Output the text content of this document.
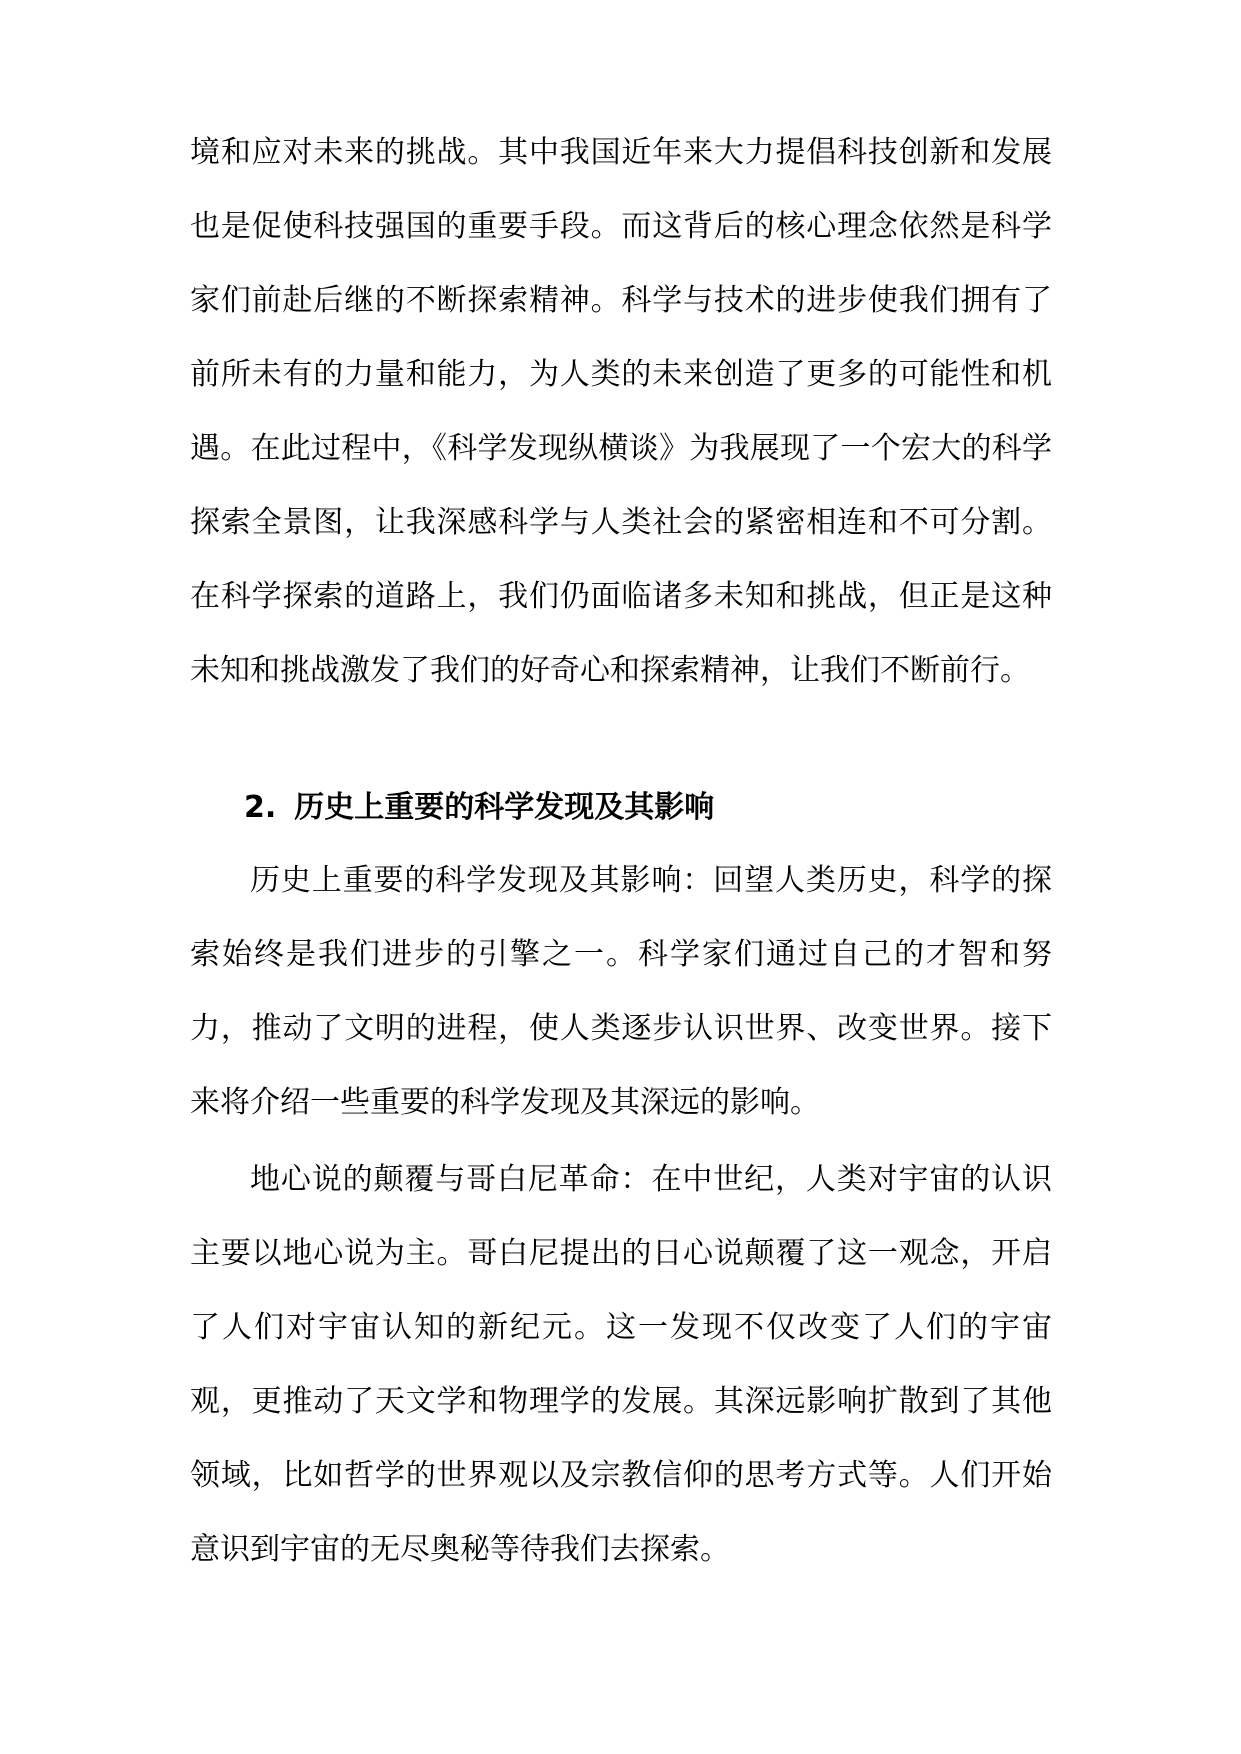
境和应对未来的挑战。其中我国近年来大力提倡科技创新和发展也是促使科技强国的重要手段。而这背后的核心理念依然是科学家们前赴后继的不断探索精神。科学与技术的进步使我们拥有了前所未有的力量和能力，为人类的未来创造了更多的可能性和机遇。在此过程中，《科学发现纵横谈》为我展现了一个宏大的科学探索全景图，让我深感科学与人类社会的紧密相连和不可分割。在科学探索的道路上，我们仍面临诸多未知和挑战，但正是这种未知和挑战激发了我们的好奇心和探索精神，让我们不断前行。

2. 历史上重要的科学发现及其影响

历史上重要的科学发现及其影响：回望人类历史，科学的探索始终是我们进步的引擎之一。科学家们通过自己的才智和努力，推动了文明的进程，使人类逐步认识世界、改变世界。接下来将介绍一些重要的科学发现及其深远的影响。

地心说的颠覆与哥白尼革命：在中世纪，人类对宇宙的认识主要以地心说为主。哥白尼提出的日心说颠覆了这一观念，开启了人们对宇宙认知的新纪元。这一发现不仅改变了人们的宇宙观，更推动了天文学和物理学的发展。其深远影响扩散到了其他领域，比如哲学的世界观以及宗教信仰的思考方式等。人们开始意识到宇宙的无尽奥秘等待我们去探索。
